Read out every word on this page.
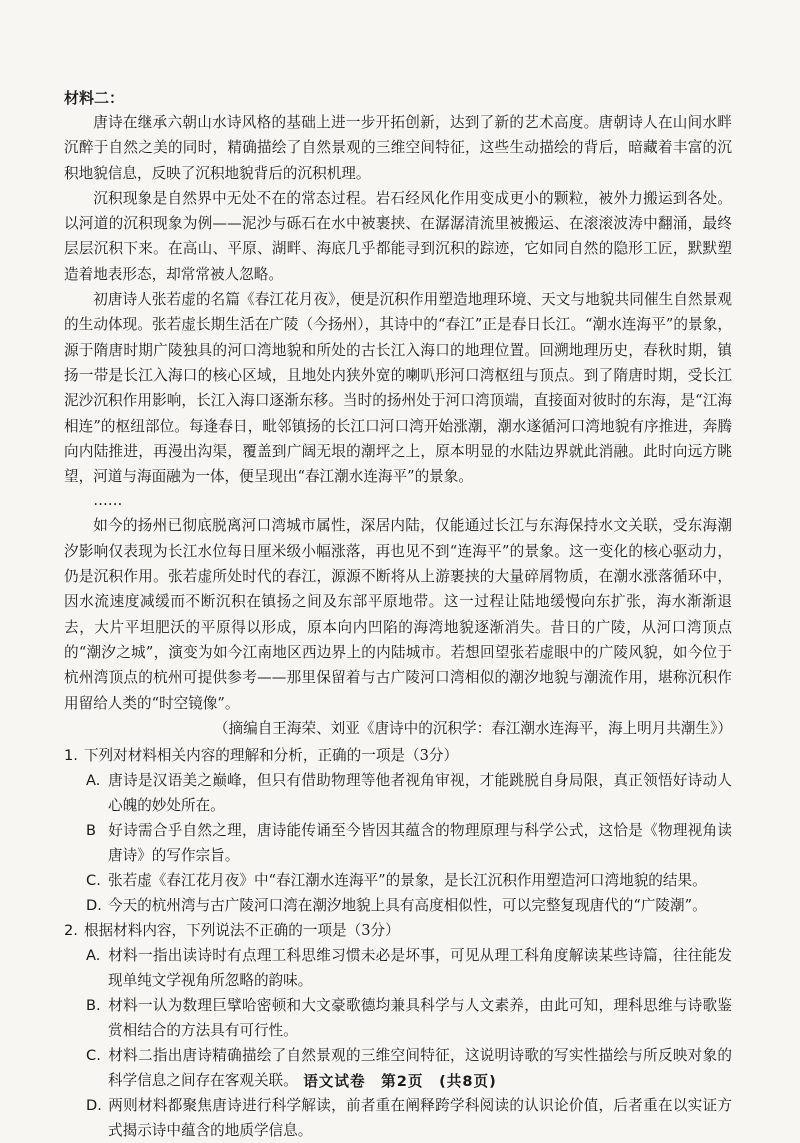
材料二：

唐诗在继承六朝山水诗风格的基础上进一步开拓创新，达到了新的艺术高度。唐朝诗人在山间水畔沉醉于自然之美的同时，精确描绘了自然景观的三维空间特征，这些生动描绘的背后，暗藏着丰富的沉积地貌信息，反映了沉积地貌背后的沉积机理。

沉积现象是自然界中无处不在的常态过程。岩石经风化作用变成更小的颗粒，被外力搬运到各处。以河道的沉积现象为例——泥沙与砾石在水中被裹挟、在潺潺清流里被搬运、在滚滚波涛中翻涌，最终层层沉积下来。在高山、平原、湖畔、海底几乎都能寻到沉积的踪迹，它如同自然的隐形工匠，默默塑造着地表形态，却常常被人忽略。

初唐诗人张若虚的名篇《春江花月夜》，便是沉积作用塑造地理环境、天文与地貌共同催生自然景观的生动体现。张若虚长期生活在广陵（今扬州），其诗中的“春江”正是春日长江。“潮水连海平”的景象，源于隋唐时期广陵独具的河口湾地貌和所处的古长江入海口的地理位置。回溯地理历史，春秋时期，镇扬一带是长江入海口的核心区域，且地处内狭外宽的喇叭形河口湾枢纽与顶点。到了隋唐时期，受长江泥沙沉积作用影响，长江入海口逐渐东移。当时的扬州处于河口湾顶端，直接面对彼时的东海，是“江海相连”的枢纽部位。每逢春日，毗邻镇扬的长江口河口湾开始涨潮，潮水遂循河口湾地貌有序推进，奔腾向内陆推进，再漫出沟渠，覆盖到广阔无垠的潮坪之上，原本明显的水陆边界就此消融。此时向远方眺望，河道与海面融为一体，便呈现出“春江潮水连海平”的景象。

……

如今的扬州已彻底脱离河口湾城市属性，深居内陆，仅能通过长江与东海保持水文关联，受东海潮汐影响仅表现为长江水位每日厘米级小幅涨落，再也见不到“连海平”的景象。这一变化的核心驱动力，仍是沉积作用。张若虚所处时代的春江，源源不断将从上游裹挟的大量碎屑物质，在潮水涨落循环中，因水流速度减缓而不断沉积在镇扬之间及东部平原地带。这一过程让陆地缓慢向东扩张，海水渐渐退去，大片平坦肥沃的平原得以形成，原本向内凹陷的海湾地貌逐渐消失。昔日的广陵，从河口湾顶点的“潮汐之城”，演变为如今江南地区西边界上的内陆城市。若想回望张若虚眼中的广陵风貌，如今位于杭州湾顶点的杭州可提供参考——那里保留着与古广陵河口湾相似的潮汐地貌与潮流作用，堪称沉积作用留给人类的“时空镜像”。

（摘编自王海荣、刘亚《唐诗中的沉积学：春江潮水连海平，海上明月共潮生》）

1. 下列对材料相关内容的理解和分析，正确的一项是（3分）

A. 唐诗是汉语美之巅峰，但只有借助物理等他者视角审视，才能跳脱自身局限，真正领悟好诗动人心魄的妙处所在。

B 好诗需合乎自然之理，唐诗能传诵至今皆因其蕴含的物理原理与科学公式，这恰是《物理视角读唐诗》的写作宗旨。

C. 张若虚《春江花月夜》中“春江潮水连海平”的景象，是长江沉积作用塑造河口湾地貌的结果。

D. 今天的杭州湾与古广陵河口湾在潮汐地貌上具有高度相似性，可以完整复现唐代的“广陵潮”。

2. 根据材料内容，下列说法不正确的一项是（3分）

A. 材料一指出读诗时有点理工科思维习惯未必是坏事，可见从理工科角度解读某些诗篇，往往能发现单纯文学视角所忽略的韵味。

B. 材料一认为数理巨擘哈密顿和大文豪歌德均兼具科学与人文素养，由此可知，理科思维与诗歌鉴赏相结合的方法具有可行性。

C. 材料二指出唐诗精确描绘了自然景观的三维空间特征，这说明诗歌的写实性描绘与所反映对象的科学信息之间存在客观关联。

D. 两则材料都聚焦唐诗进行科学解读，前者重在阐释跨学科阅读的认识论价值，后者重在以实证方式揭示诗中蕴含的地质学信息。

语文试卷　第2页　(共8页)
